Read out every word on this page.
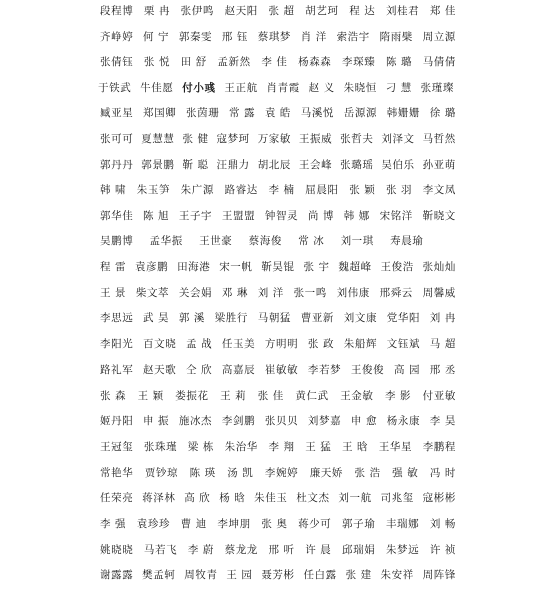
段程博 栗 冉 张伊鸣 赵天阳 张 超 胡艺珂 程 达 刘桂君 郑 佳
齐峥婷 何 宁 郭秦雯 邢 钰 蔡琪梦 肖 洋 索浩宇 隋雨檗 周立源
张倩钰 张 悦 田 舒 孟新然 李 佳 杨森森 李琛臻 陈 璐 马倩倩
于铁武 牛佳愿 付小彧 王正航 肖青霞 赵 义 朱晓恒 刁 慧 张瑾璨
臧亚星 郑国卿 张茵珊 常 露 袁 皓 马溪悦 岳源源 韩姗姗 徐 璐
张可可 夏慧慧 张 健 寇梦珂 万家敏 王振威 张哲夫 刘泽文 马哲然
郭丹丹 郭景鹏 靳 聪 汪鼎力 胡北辰 王会峰 张璐瑶 吴伯乐 孙亚萌
韩 啸 朱玉笋 朱广源 路睿达 李 楠 屈晨阳 张 颖 张 羽 李文凤
郭华佳 陈 旭 王子宇 王盟盟 钟智灵 尚 博 韩 娜 宋铭洋 靳晓文
吴鹏博 孟华振 王世豪 蔡海俊 常 冰 刘一琪 寿晨瑜
程 雷 袁彦鹏 田海港 宋一帆 靳昊锟 张 宇 魏超峰 王俊浩 张灿灿
王 景 柴文萃 关会娟 邓 琳 刘 洋 张一鸣 刘伟康 邢舜云 周馨威
李思远 武 昊 郭 溪 梁胜行 马朝猛 曹亚新 刘文康 党华阳 刘 冉
李阳光 百文晓 孟 战 任玉美 方明明 张 政 朱船辉 文钰斌 马 超
路礼军 赵天歌 仝 欣 高嘉辰 崔敏敏 李若梦 王俊俊 高 园 邢 丞
张 森 王 颖 娄振花 王 莉 张 佳 黄仁武 王金敏 李 影 付亚敏
姬丹阳 申 振 施冰杰 李剑鹏 张贝贝 刘梦嘉 申 愈 杨永康 李 昊
王冠玺 张珠瑾 梁 栋 朱治华 李 翔 王 猛 王 晗 王华星 李鹏程
常艳华 贾钞琼 陈 瑛 汤 凯 李婉婷 廉天娇 张 浩 强 敏 冯 时
任荣亮 蒋泽林 高 欣 杨 晗 朱佳玉 杜文杰 刘一航 司兆玺 寇彬彬
李 强 袁珍珍 曹 迪 李坤朋 张 奥 蒋少可 郭子瑜 丰瑞娜 刘 畅
姚晓晓 马若飞 李 蔚 蔡龙龙 邢 听 许 晨 邱瑞娟 朱梦远 许 祯
谢露露 樊孟轲 周牧青 王 园 聂芳彬 任白露 张 建 朱安祥 周阵锋
